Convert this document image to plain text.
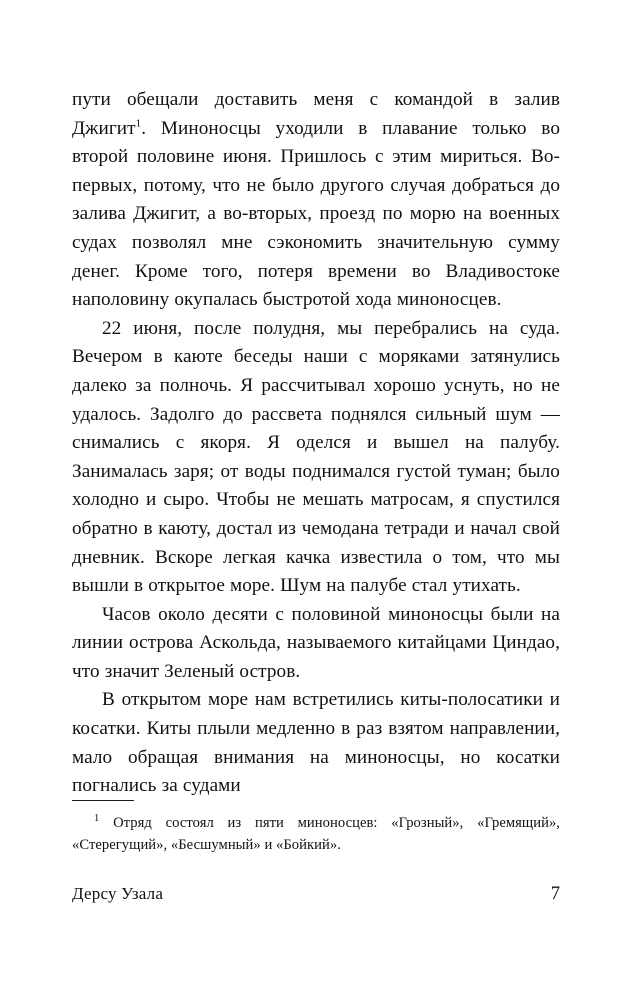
пути обещали доставить меня с командой в залив Джигит$^1$. Миноносцы уходили в плавание только во второй половине июня. Пришлось с этим мириться. Во-первых, потому, что не было другого случая добраться до залива Джигит, а во-вторых, проезд по морю на военных судах позволял мне сэкономить значительную сумму денег. Кроме того, потеря времени во Владивостоке наполовину окупалась быстротой хода миноносцев.

22 июня, после полудня, мы перебрались на суда. Вечером в каюте беседы наши с моряками затянулись далеко за полночь. Я рассчитывал хорошо уснуть, но не удалось. Задолго до рассвета поднялся сильный шум — снимались с якоря. Я оделся и вышел на палубу. Занималась заря; от воды поднимался густой туман; было холодно и сыро. Чтобы не мешать матросам, я спустился обратно в каюту, достал из чемодана тетради и начал свой дневник. Вскоре легкая качка известила о том, что мы вышли в открытое море. Шум на палубе стал утихать.

Часов около десяти с половиной миноносцы были на линии острова Аскольда, называемого китайцами Циндао, что значит Зеленый остров.

В открытом море нам встретились киты-полосатики и косатки. Киты плыли медленно в раз взятом направлении, мало обращая внимания на миноносцы, но косатки погнались за судами

$^1$ Отряд состоял из пяти миноносцев: «Грозный», «Гремящий», «Стерегущий», «Бесшумный» и «Бойкий».

Дерсу Узала	7
